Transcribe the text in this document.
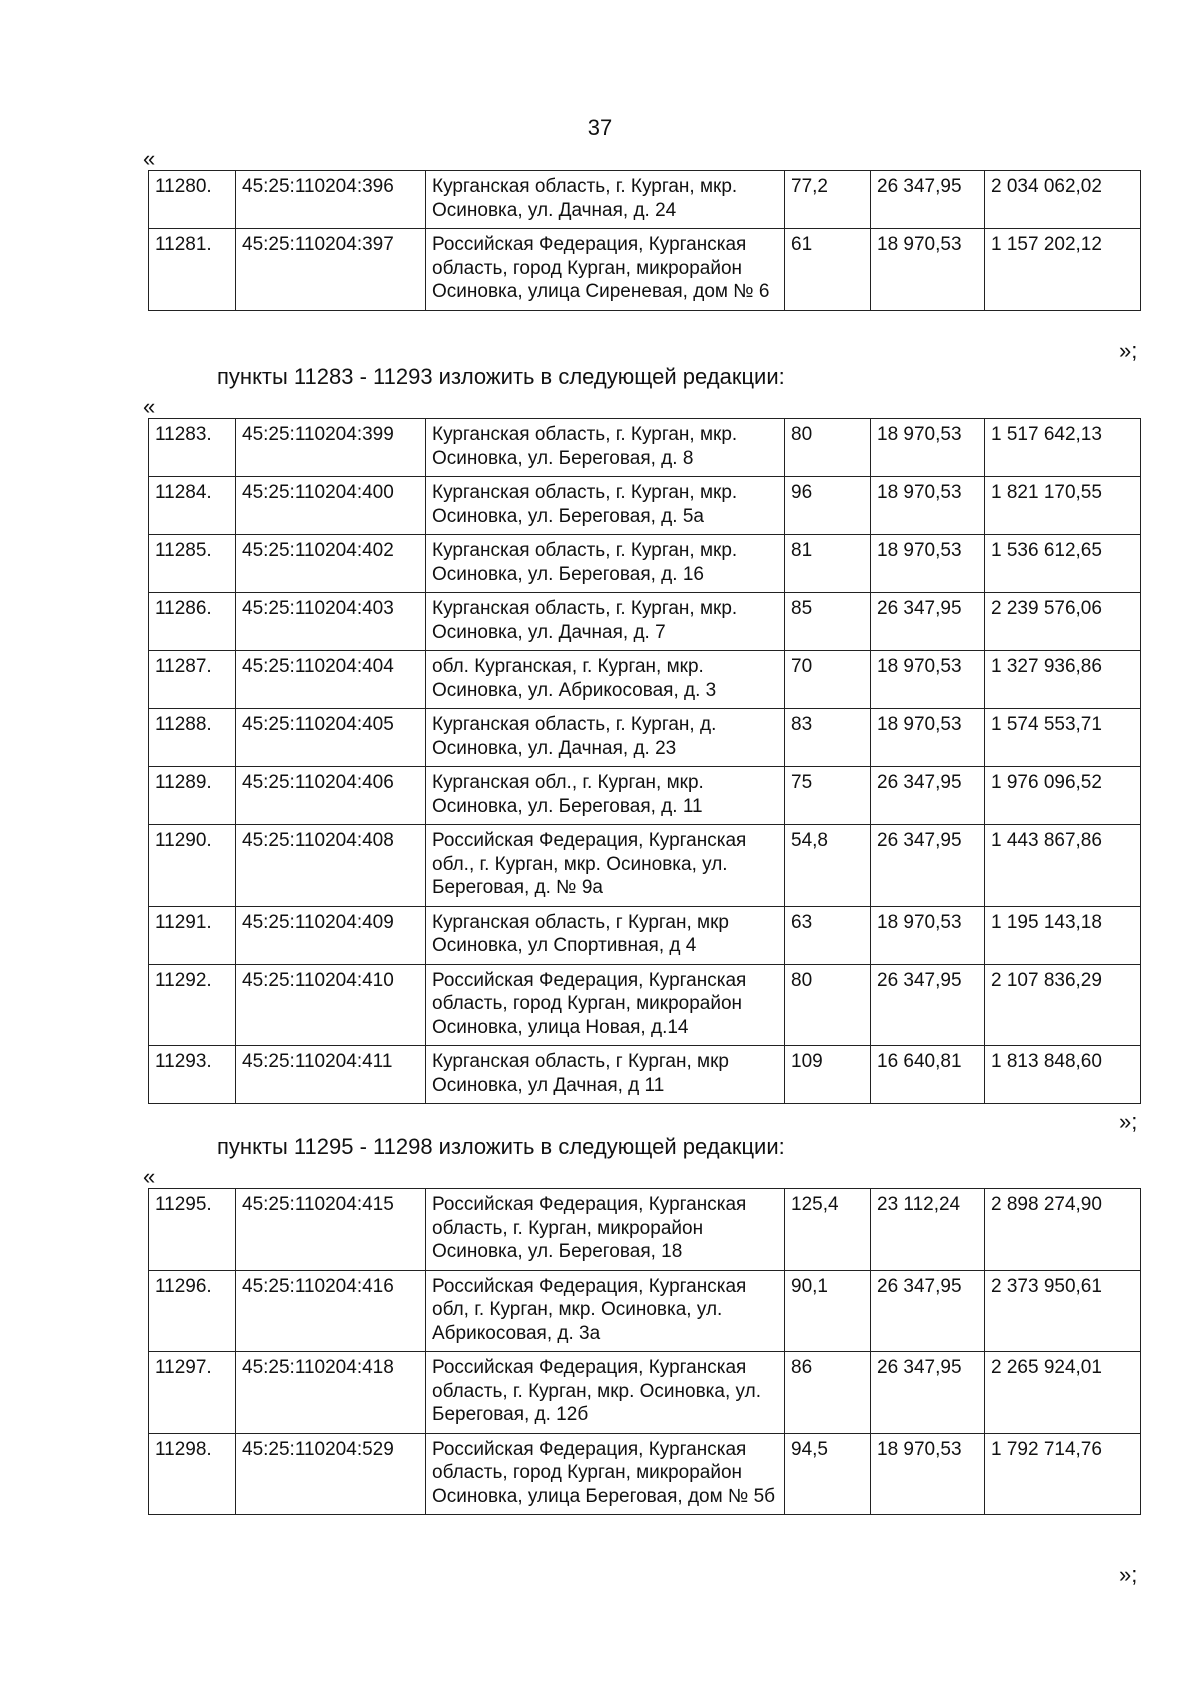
37
«
11280.	45:25:110204:396	Курганская область, г. Курган, мкр. Осиновка, ул. Дачная, д. 24	77,2	26 347,95	2 034 062,02
11281.	45:25:110204:397	Российская Федерация, Курганская область, город Курган, микрорайон Осиновка, улица Сиреневая, дом № 6	61	18 970,53	1 157 202,12
»;
пункты 11283 - 11293 изложить в следующей редакции:
«
11283.	45:25:110204:399	Курганская область, г. Курган, мкр. Осиновка, ул. Береговая, д. 8	80	18 970,53	1 517 642,13
11284.	45:25:110204:400	Курганская область, г. Курган, мкр. Осиновка, ул. Береговая, д. 5а	96	18 970,53	1 821 170,55
11285.	45:25:110204:402	Курганская область, г. Курган, мкр. Осиновка, ул. Береговая, д. 16	81	18 970,53	1 536 612,65
11286.	45:25:110204:403	Курганская область, г. Курган, мкр. Осиновка, ул. Дачная, д. 7	85	26 347,95	2 239 576,06
11287.	45:25:110204:404	обл. Курганская, г. Курган, мкр. Осиновка, ул. Абрикосовая, д. 3	70	18 970,53	1 327 936,86
11288.	45:25:110204:405	Курганская область, г. Курган, д. Осиновка, ул. Дачная, д. 23	83	18 970,53	1 574 553,71
11289.	45:25:110204:406	Курганская обл., г. Курган, мкр. Осиновка, ул. Береговая, д. 11	75	26 347,95	1 976 096,52
11290.	45:25:110204:408	Российская Федерация, Курганская обл., г. Курган, мкр. Осиновка, ул. Береговая, д. № 9а	54,8	26 347,95	1 443 867,86
11291.	45:25:110204:409	Курганская область, г Курган, мкр Осиновка, ул Спортивная, д 4	63	18 970,53	1 195 143,18
11292.	45:25:110204:410	Российская Федерация, Курганская область, город Курган, микрорайон Осиновка, улица Новая, д.14	80	26 347,95	2 107 836,29
11293.	45:25:110204:411	Курганская область, г Курган, мкр Осиновка, ул Дачная, д 11	109	16 640,81	1 813 848,60
»;
пункты 11295 - 11298 изложить в следующей редакции:
«
11295.	45:25:110204:415	Российская Федерация, Курганская область, г. Курган, микрорайон Осиновка, ул. Береговая, 18	125,4	23 112,24	2 898 274,90
11296.	45:25:110204:416	Российская Федерация, Курганская обл, г. Курган, мкр. Осиновка, ул. Абрикосовая, д. 3а	90,1	26 347,95	2 373 950,61
11297.	45:25:110204:418	Российская Федерация, Курганская область, г. Курган, мкр. Осиновка, ул. Береговая, д. 12б	86	26 347,95	2 265 924,01
11298.	45:25:110204:529	Российская Федерация, Курганская область, город Курган, микрорайон Осиновка, улица Береговая, дом № 5б	94,5	18 970,53	1 792 714,76
»;
